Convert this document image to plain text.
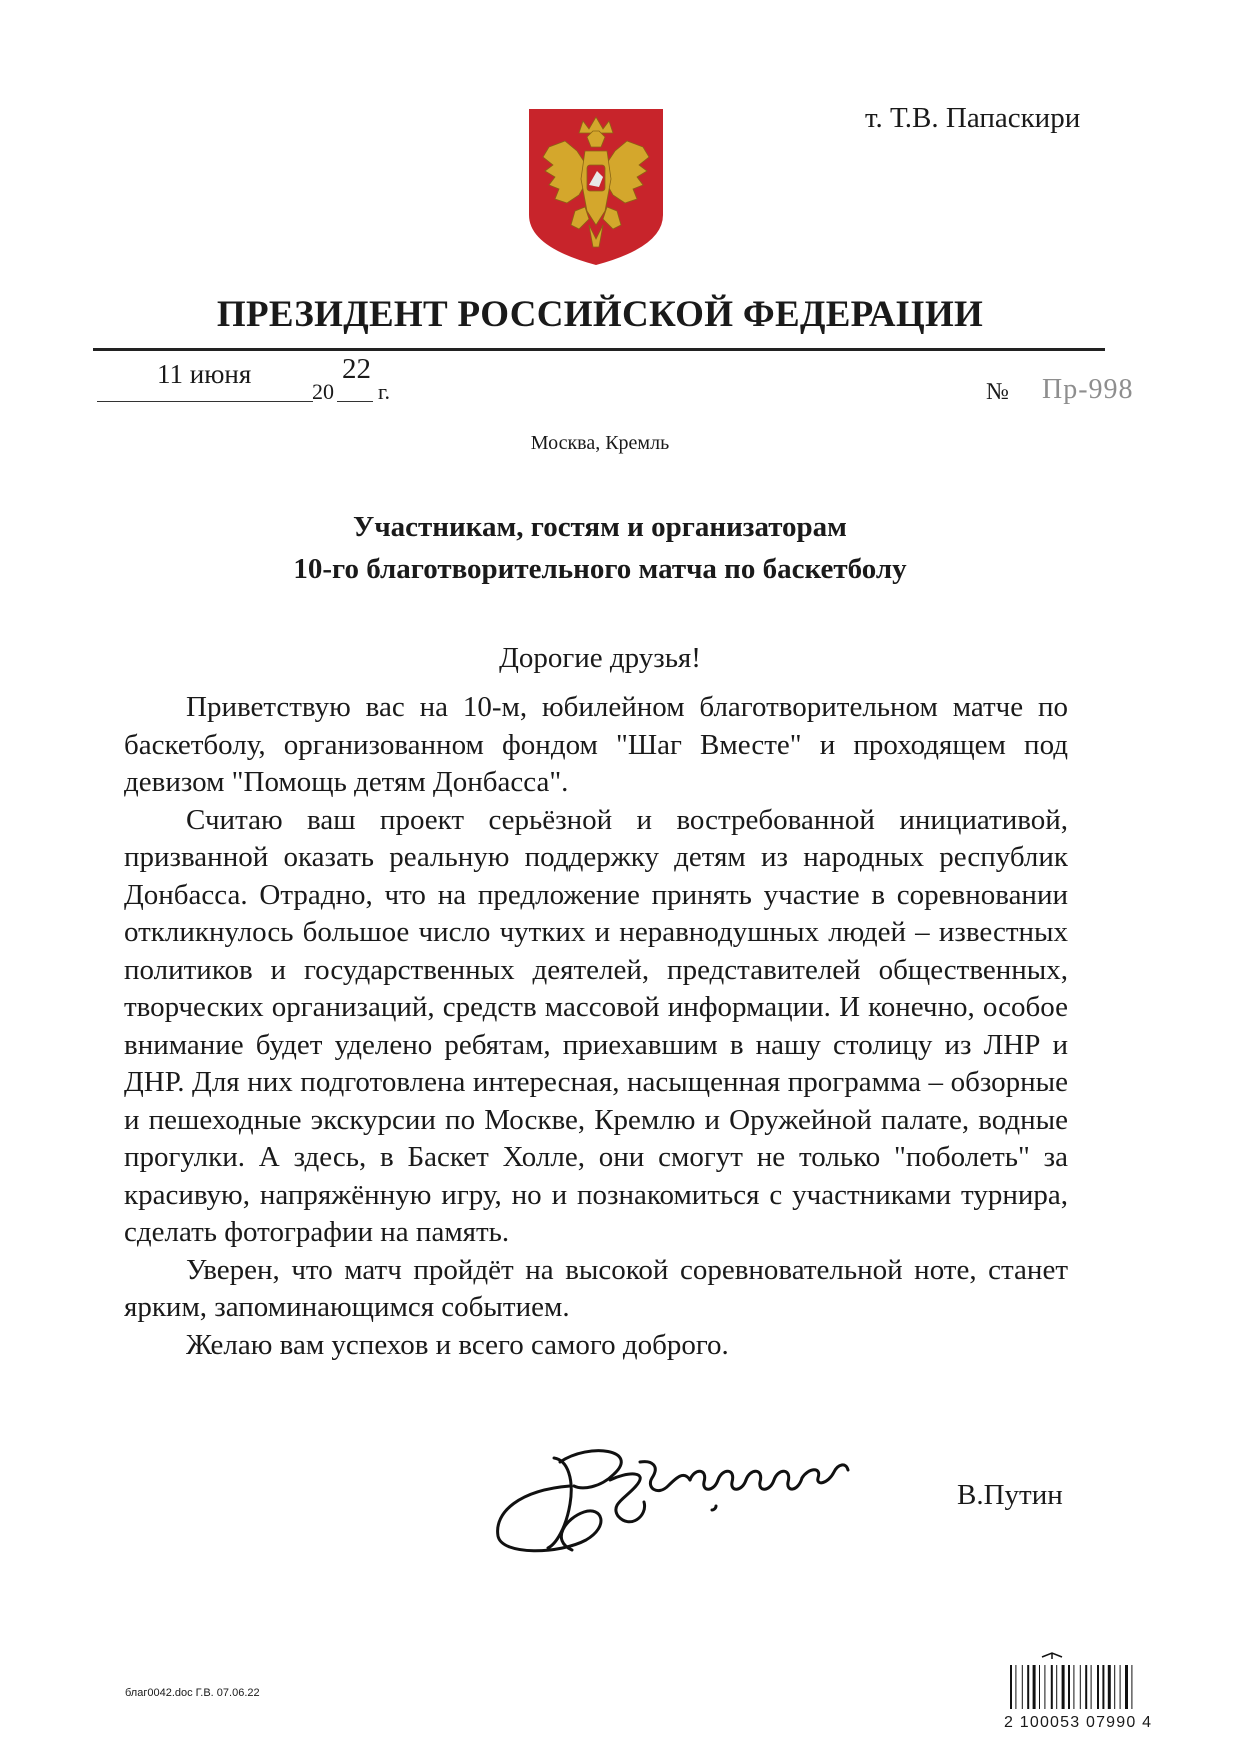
т. Т.В. Папаскири
ПРЕЗИДЕНТ РОССИЙСКОЙ ФЕДЕРАЦИИ
11 июня
20
22
г.	№ Пр-998
Москва, Кремль
Участникам, гостям и организаторам
10-го благотворительного матча по баскетболу
Дорогие друзья!

Приветствую вас на 10-м, юбилейном благотворительном матче по баскетболу, организованном фондом "Шаг Вместе" и проходящем под девизом "Помощь детям Донбасса".

Считаю ваш проект серьёзной и востребованной инициативой, призванной оказать реальную поддержку детям из народных республик Донбасса. Отрадно, что на предложение принять участие в соревновании откликнулось большое число чутких и неравнодушных людей – известных политиков и государственных деятелей, представителей общественных, творческих организаций, средств массовой информации. И конечно, особое внимание будет уделено ребятам, приехавшим в нашу столицу из ЛНР и ДНР. Для них подготовлена интересная, насыщенная программа – обзорные и пешеходные экскурсии по Москве, Кремлю и Оружейной палате, водные прогулки. А здесь, в Баскет Холле, они смогут не только "поболеть" за красивую, напряжённую игру, но и познакомиться с участниками турнира, сделать фотографии на память.

Уверен, что матч пройдёт на высокой соревновательной ноте, станет ярким, запоминающимся событием.

Желаю вам успехов и всего самого доброго.

В.Путин
благ0042.doc Г.В. 07.06.22
2 100053 07990 4
